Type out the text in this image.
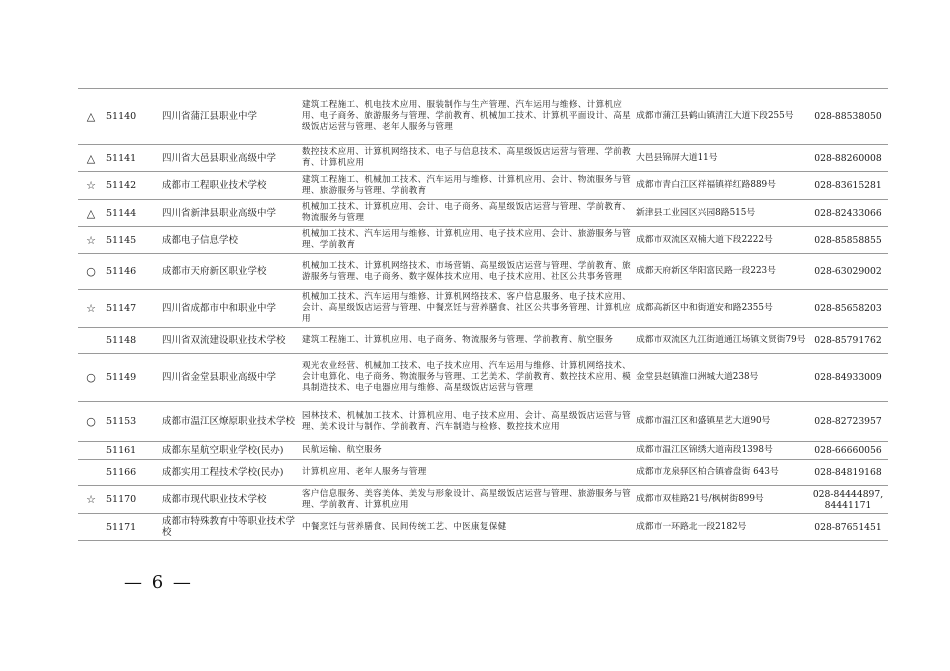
△	51140	四川省蒲江县职业中学	建筑工程施工、机电技术应用、服装制作与生产管理、汽车运用与维修、计算机应用、电子商务、旅游服务与管理、学前教育、机械加工技术、计算机平面设计、高星级饭店运营与管理、老年人服务与管理	成都市蒲江县鹤山镇清江大道下段255号	028-88538050
△	51141	四川省大邑县职业高级中学	数控技术应用、计算机网络技术、电子与信息技术、高星级饭店运营与管理、学前教育、计算机应用	大邑县锦屏大道11号	028-88260008
☆	51142	成都市工程职业技术学校	建筑工程施工、机械加工技术、汽车运用与维修、计算机应用、会计、物流服务与管理、旅游服务与管理、学前教育	成都市青白江区祥福镇祥红路889号	028-83615281
△	51144	四川省新津县职业高级中学	机械加工技术、计算机应用、会计、电子商务、高星级饭店运营与管理、学前教育、物流服务与管理	新津县工业园区兴园8路515号	028-82433066
☆	51145	成都电子信息学校	机械加工技术、汽车运用与维修、计算机应用、电子技术应用、会计、旅游服务与管理、学前教育	成都市双流区双楠大道下段2222号	028-85858855
○	51146	成都市天府新区职业学校	机械加工技术、计算机网络技术、市场营销、高星级饭店运营与管理、学前教育、旅游服务与管理、电子商务、数字媒体技术应用、电子技术应用、社区公共事务管理	成都天府新区华阳富民路一段223号	028-63029002
☆	51147	四川省成都市中和职业中学	机械加工技术、汽车运用与维修、计算机网络技术、客户信息服务、电子技术应用、会计、高星级饭店运营与管理、中餐烹饪与营养膳食、社区公共事务管理、计算机应用	成都高新区中和街道安和路2355号	028-85658203
	51148	四川省双流建设职业技术学校	建筑工程施工、计算机应用、电子商务、物流服务与管理、学前教育、航空服务	成都市双流区九江街道通江场镇文贤街79号	028-85791762
○	51149	四川省金堂县职业高级中学	观光农业经营、机械加工技术、电子技术应用、汽车运用与维修、计算机网络技术、会计电算化、电子商务、物流服务与管理、工艺美术、学前教育、数控技术应用、模具制造技术、电子电器应用与维修、高星级饭店运营与管理	金堂县赵镇淮口洲城大道238号	028-84933009
○	51153	成都市温江区燎原职业技术学校	园林技术、机械加工技术、计算机应用、电子技术应用、会计、高星级饭店运营与管理、美术设计与制作、学前教育、汽车制造与检修、数控技术应用	成都市温江区和盛镇星艺大道90号	028-82723957
	51161	成都东星航空职业学校(民办)	民航运输、航空服务	成都市温江区锦绣大道南段1398号	028-66660056
	51166	成都实用工程技术学校(民办)	计算机应用、老年人服务与管理	成都市龙泉驿区柏合镇睿盘街 643号	028-84819168
☆	51170	成都市现代职业技术学校	客户信息服务、美容美体、美发与形象设计、高星级饭店运营与管理、旅游服务与管理、学前教育、计算机应用	成都市双桂路21号/枫树街899号	028-84444897, 84441171
	51171	成都市特殊教育中等职业技术学校	中餐烹饪与营养膳食、民间传统工艺、中医康复保健	成都市一环路北一段2182号	028-87651451
— 6 —
